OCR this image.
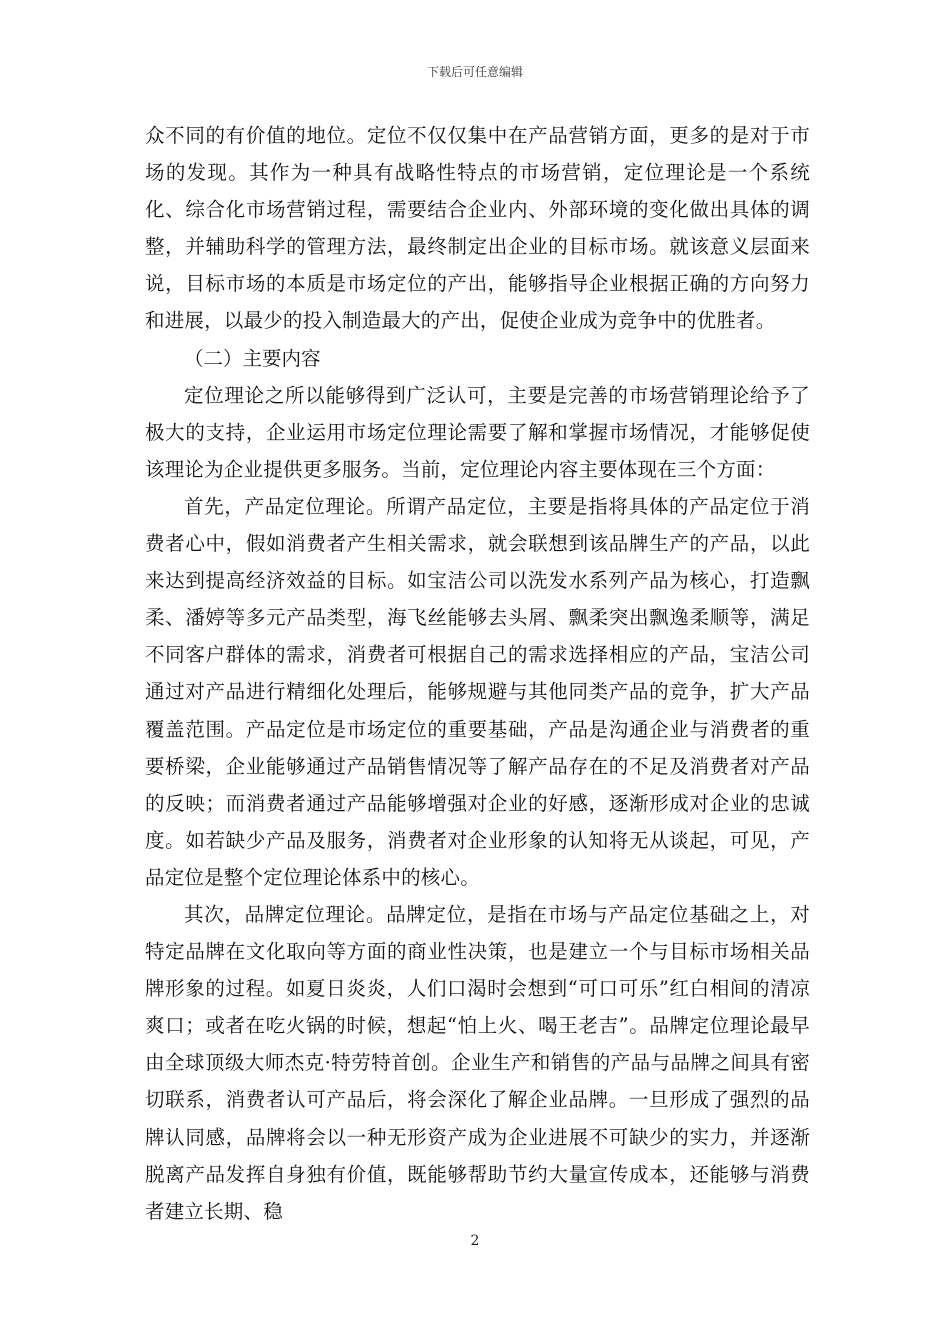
下载后可任意编辑

众不同的有价值的地位。定位不仅仅集中在产品营销方面，更多的是对于市场的发现。其作为一种具有战略性特点的市场营销，定位理论是一个系统化、综合化市场营销过程，需要结合企业内、外部环境的变化做出具体的调整，并辅助科学的管理方法，最终制定出企业的目标市场。就该意义层面来说，目标市场的本质是市场定位的产出，能够指导企业根据正确的方向努力和进展，以最少的投入制造最大的产出，促使企业成为竞争中的优胜者。

（二）主要内容

定位理论之所以能够得到广泛认可，主要是完善的市场营销理论给予了极大的支持，企业运用市场定位理论需要了解和掌握市场情况，才能够促使该理论为企业提供更多服务。当前，定位理论内容主要体现在三个方面：

首先，产品定位理论。所谓产品定位，主要是指将具体的产品定位于消费者心中，假如消费者产生相关需求，就会联想到该品牌生产的产品，以此来达到提高经济效益的目标。如宝洁公司以洗发水系列产品为核心，打造飘柔、潘婷等多元产品类型，海飞丝能够去头屑、飘柔突出飘逸柔顺等，满足不同客户群体的需求，消费者可根据自己的需求选择相应的产品，宝洁公司通过对产品进行精细化处理后，能够规避与其他同类产品的竞争，扩大产品覆盖范围。产品定位是市场定位的重要基础，产品是沟通企业与消费者的重要桥梁，企业能够通过产品销售情况等了解产品存在的不足及消费者对产品的反映；而消费者通过产品能够增强对企业的好感，逐渐形成对企业的忠诚度。如若缺少产品及服务，消费者对企业形象的认知将无从谈起，可见，产品定位是整个定位理论体系中的核心。

其次，品牌定位理论。品牌定位，是指在市场与产品定位基础之上，对特定品牌在文化取向等方面的商业性决策，也是建立一个与目标市场相关品牌形象的过程。如夏日炎炎，人们口渴时会想到“可口可乐”红白相间的清凉爽口；或者在吃火锅的时候，想起“怕上火、喝王老吉”。品牌定位理论最早由全球顶级大师杰克·特劳特首创。企业生产和销售的产品与品牌之间具有密切联系，消费者认可产品后，将会深化了解企业品牌。一旦形成了强烈的品牌认同感，品牌将会以一种无形资产成为企业进展不可缺少的实力，并逐渐脱离产品发挥自身独有价值，既能够帮助节约大量宣传成本，还能够与消费者建立长期、稳

2
